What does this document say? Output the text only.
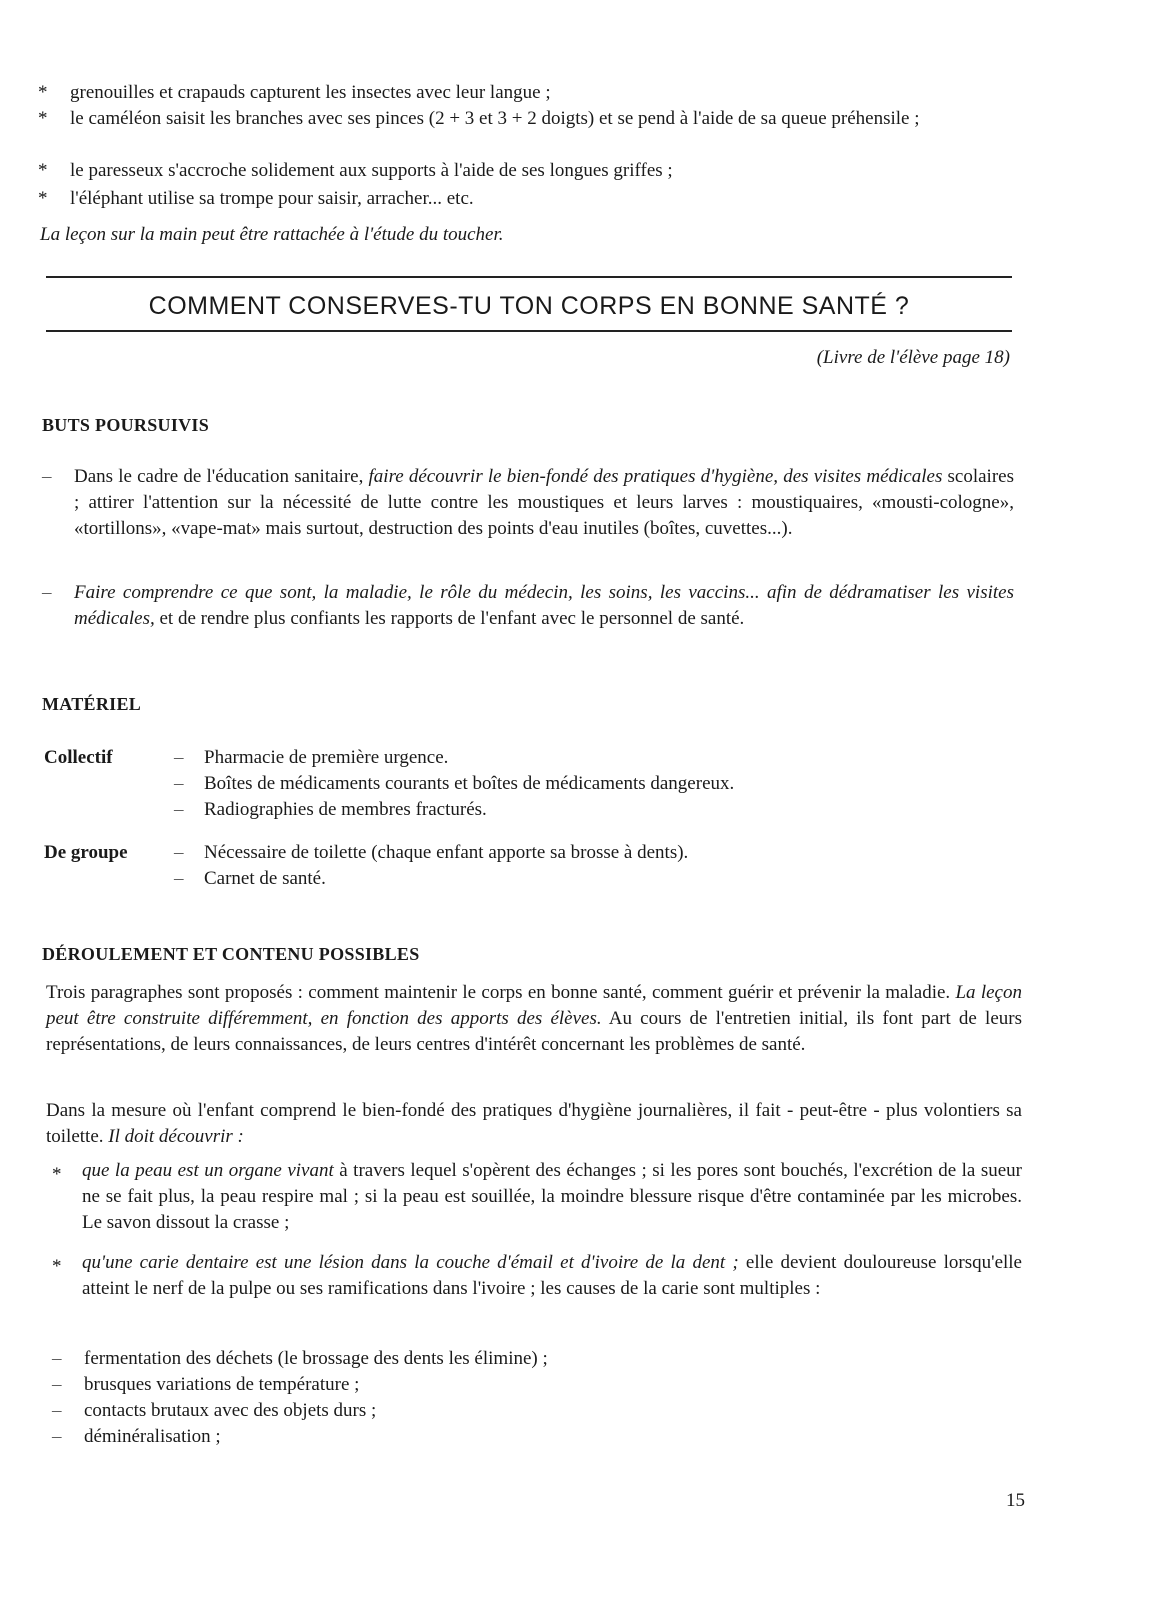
*	grenouilles et crapauds capturent les insectes avec leur langue ;
*	le caméléon saisit les branches avec ses pinces (2 + 3 et 3 + 2 doigts) et se pend à l'aide de sa queue préhensile ;
*	le paresseux s'accroche solidement aux supports à l'aide de ses longues griffes ;
*	l'éléphant utilise sa trompe pour saisir, arracher... etc.
La leçon sur la main peut être rattachée à l'étude du toucher.
COMMENT CONSERVES-TU TON CORPS EN BONNE SANTÉ ?
(Livre de l'élève page 18)
BUTS POURSUIVIS
–	Dans le cadre de l'éducation sanitaire, faire découvrir le bien-fondé des pratiques d'hygiène, des visites médicales scolaires ; attirer l'attention sur la nécessité de lutte contre les moustiques et leurs larves : moustiquaires, «mousti-cologne», «tortillons», «vape-mat» mais surtout, destruction des points d'eau inutiles (boîtes, cuvettes...).
–	Faire comprendre ce que sont, la maladie, le rôle du médecin, les soins, les vaccins... afin de dédramatiser les visites médicales, et de rendre plus confiants les rapports de l'enfant avec le personnel de santé.
MATÉRIEL
Collectif	– Pharmacie de première urgence.
– Boîtes de médicaments courants et boîtes de médicaments dangereux.
– Radiographies de membres fracturés.
De groupe – Nécessaire de toilette (chaque enfant apporte sa brosse à dents).
– Carnet de santé.
DÉROULEMENT ET CONTENU POSSIBLES
Trois paragraphes sont proposés : comment maintenir le corps en bonne santé, comment guérir et prévenir la maladie. La leçon peut être construite différemment, en fonction des apports des élèves. Au cours de l'entretien initial, ils font part de leurs représentations, de leurs connaissances, de leurs centres d'intérêt concernant les problèmes de santé.
Dans la mesure où l'enfant comprend le bien-fondé des pratiques d'hygiène journalières, il fait - peut-être - plus volontiers sa toilette. Il doit découvrir :
* que la peau est un organe vivant à travers lequel s'opèrent des échanges ; si les pores sont bouchés, l'excrétion de la sueur ne se fait plus, la peau respire mal ; si la peau est souillée, la moindre blessure risque d'être contaminée par les microbes. Le savon dissout la crasse ;
* qu'une carie dentaire est une lésion dans la couche d'émail et d'ivoire de la dent ; elle devient douloureuse lorsqu'elle atteint le nerf de la pulpe ou ses ramifications dans l'ivoire ; les causes de la carie sont multiples :
– fermentation des déchets (le brossage des dents les élimine) ;
– brusques variations de température ;
– contacts brutaux avec des objets durs ;
– déminéralisation ;
15
